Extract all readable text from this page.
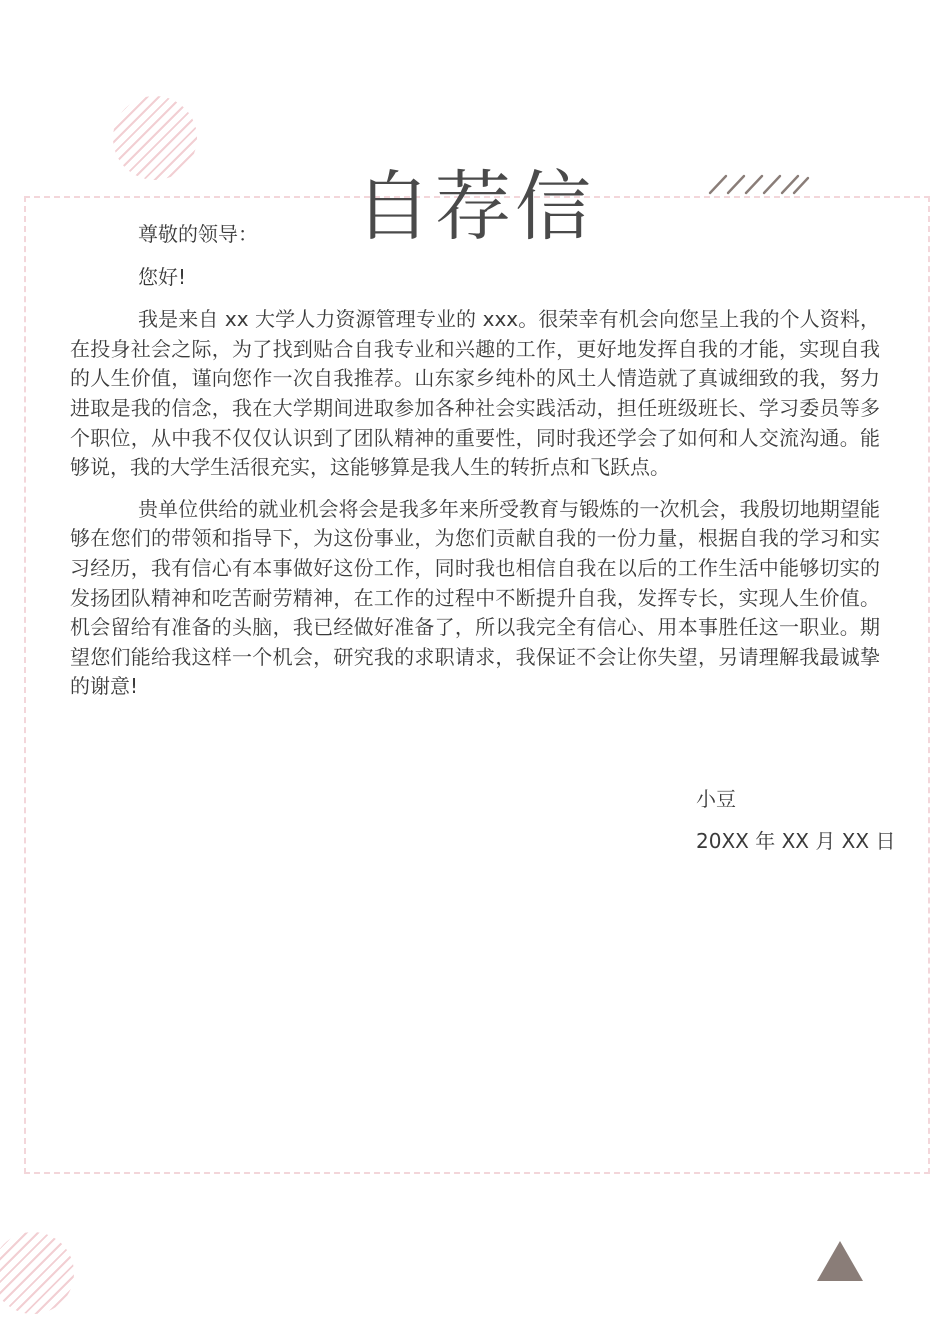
自荐信
尊敬的领导：
您好!

我是来自 xx 大学人力资源管理专业的 xxx。很荣幸有机会向您呈上我的个人资料，在投身社会之际，为了找到贴合自我专业和兴趣的工作，更好地发挥自我的才能，实现自我的人生价值，谨向您作一次自我推荐。山东家乡纯朴的风土人情造就了真诚细致的我，努力进取是我的信念，我在大学期间进取参加各种社会实践活动，担任班级班长、学习委员等多个职位，从中我不仅仅认识到了团队精神的重要性，同时我还学会了如何和人交流沟通。能够说，我的大学生活很充实，这能够算是我人生的转折点和飞跃点。

贵单位供给的就业机会将会是我多年来所受教育与锻炼的一次机会，我殷切地期望能够在您们的带领和指导下，为这份事业，为您们贡献自我的一份力量，根据自我的学习和实习经历，我有信心有本事做好这份工作，同时我也相信自我在以后的工作生活中能够切实的发扬团队精神和吃苦耐劳精神，在工作的过程中不断提升自我，发挥专长，实现人生价值。机会留给有准备的头脑，我已经做好准备了，所以我完全有信心、用本事胜任这一职业。期望您们能给我这样一个机会，研究我的求职请求，我保证不会让你失望，另请理解我最诚挚的谢意!

小豆
20XX 年 XX 月 XX 日
